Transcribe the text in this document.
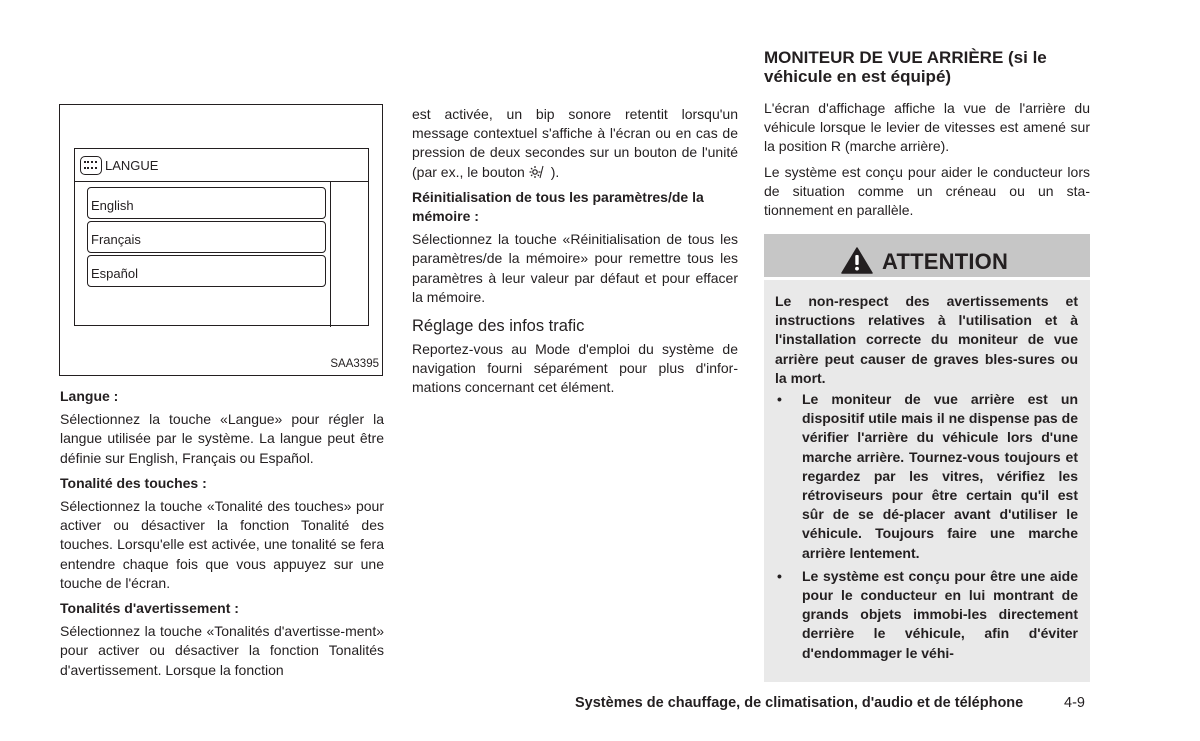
LANGUE
English
Français
Español
SAA3395

Langue :

Sélectionnez la touche «Langue» pour régler la langue utilisée par le système. La langue peut être définie sur English, Français ou Español.

Tonalité des touches :

Sélectionnez la touche «Tonalité des touches» pour activer ou désactiver la fonction Tonalité des touches. Lorsqu'elle est activée, une tonalité se fera entendre chaque fois que vous appuyez sur une touche de l'écran.

Tonalités d'avertissement :

Sélectionnez la touche «Tonalités d'avertisse-ment» pour activer ou désactiver la fonction Tonalités d'avertissement. Lorsque la fonction

est activée, un bip sonore retentit lorsqu'un message contextuel s'affiche à l'écran ou en cas de pression de deux secondes sur un bouton de l'unité (par ex., le bouton ).

Réinitialisation de tous les paramètres/de la mémoire :

Sélectionnez la touche «Réinitialisation de tous les paramètres/de la mémoire» pour remettre tous les paramètres à leur valeur par défaut et pour effacer la mémoire.

Réglage des infos trafic

Reportez-vous au Mode d'emploi du système de navigation fourni séparément pour plus d'infor-mations concernant cet élément.

MONITEUR DE VUE ARRIÈRE (si le véhicule en est équipé)

L'écran d'affichage affiche la vue de l'arrière du véhicule lorsque le levier de vitesses est amené sur la position R (marche arrière).

Le système est conçu pour aider le conducteur lors de situation comme un créneau ou un sta-tionnement en parallèle.

ATTENTION

Le non-respect des avertissements et instructions relatives à l'utilisation et à l'installation correcte du moniteur de vue arrière peut causer de graves bles-sures ou la mort.

• Le moniteur de vue arrière est un dispositif utile mais il ne dispense pas de vérifier l'arrière du véhicule lors d'une marche arrière. Tournez-vous toujours et regardez par les vitres, vérifiez les rétroviseurs pour être certain qu'il est sûr de se dé-placer avant d'utiliser le véhicule. Toujours faire une marche arrière lentement.

• Le système est conçu pour être une aide pour le conducteur en lui montrant de grands objets immobi-les directement derrière le véhicule, afin d'éviter d'endommager le véhi-

Systèmes de chauffage, de climatisation, d'audio et de téléphone	4-9
